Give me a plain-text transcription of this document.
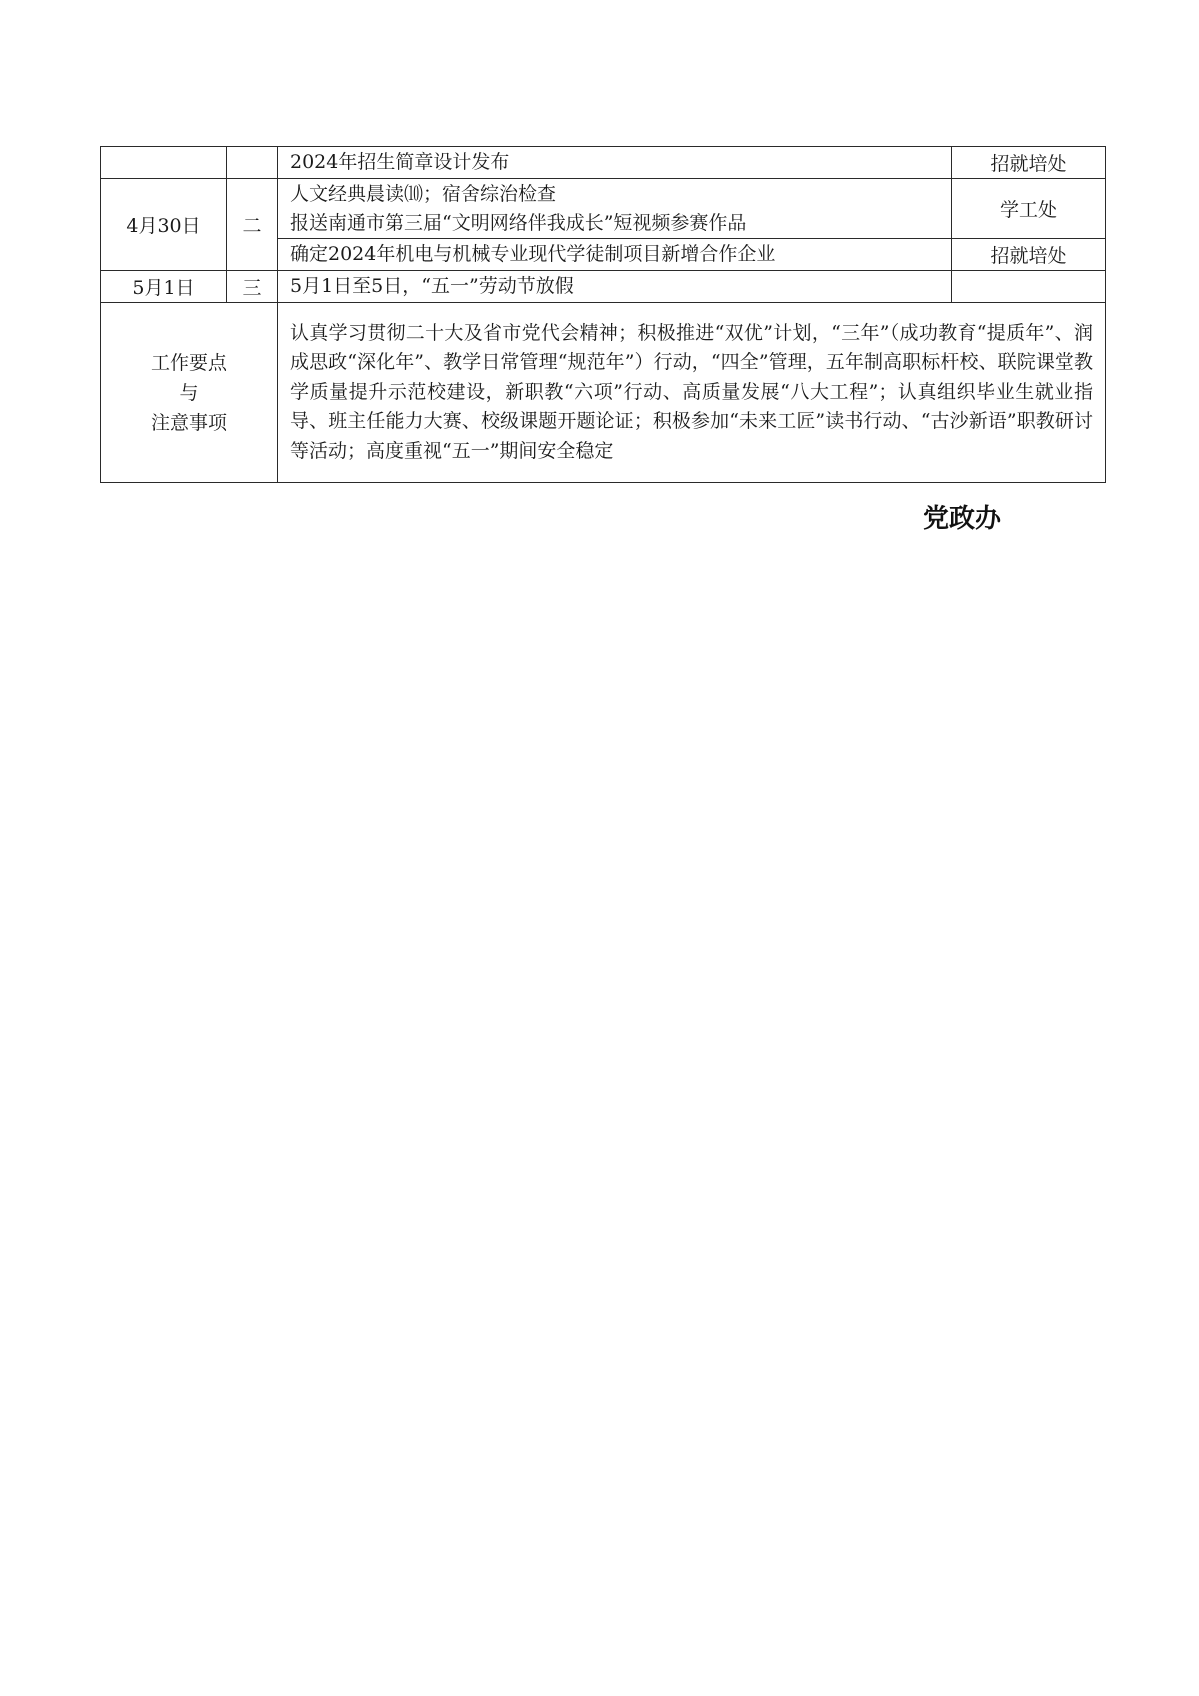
		2024年招生简章设计发布	招就培处
4月30日	二	人文经典晨读⑽；宿舍综治检查
报送南通市第三届“文明网络伴我成长”短视频参赛作品	学工处

		确定2024年机电与机械专业现代学徒制项目新增合作企业	招就培处
5月1日	三	5月1日至5日，“五一”劳动节放假	

工作要点
与
注意事项		认真学习贯彻二十大及省市党代会精神；积极推进“双优”计划，“三年”（成功教育“提质年”、润成思政“深化年”、教学日常管理“规范年”）行动，“四全”管理，五年制高职标杆校、联院课堂教学质量提升示范校建设，新职教“六项”行动、高质量发展“八大工程”；认真组织毕业生就业指导、班主任能力大赛、校级课题开题论证；积极参加“未来工匠”读书行动、“古沙新语”职教研讨等活动；高度重视“五一”期间安全稳定	
党政办
